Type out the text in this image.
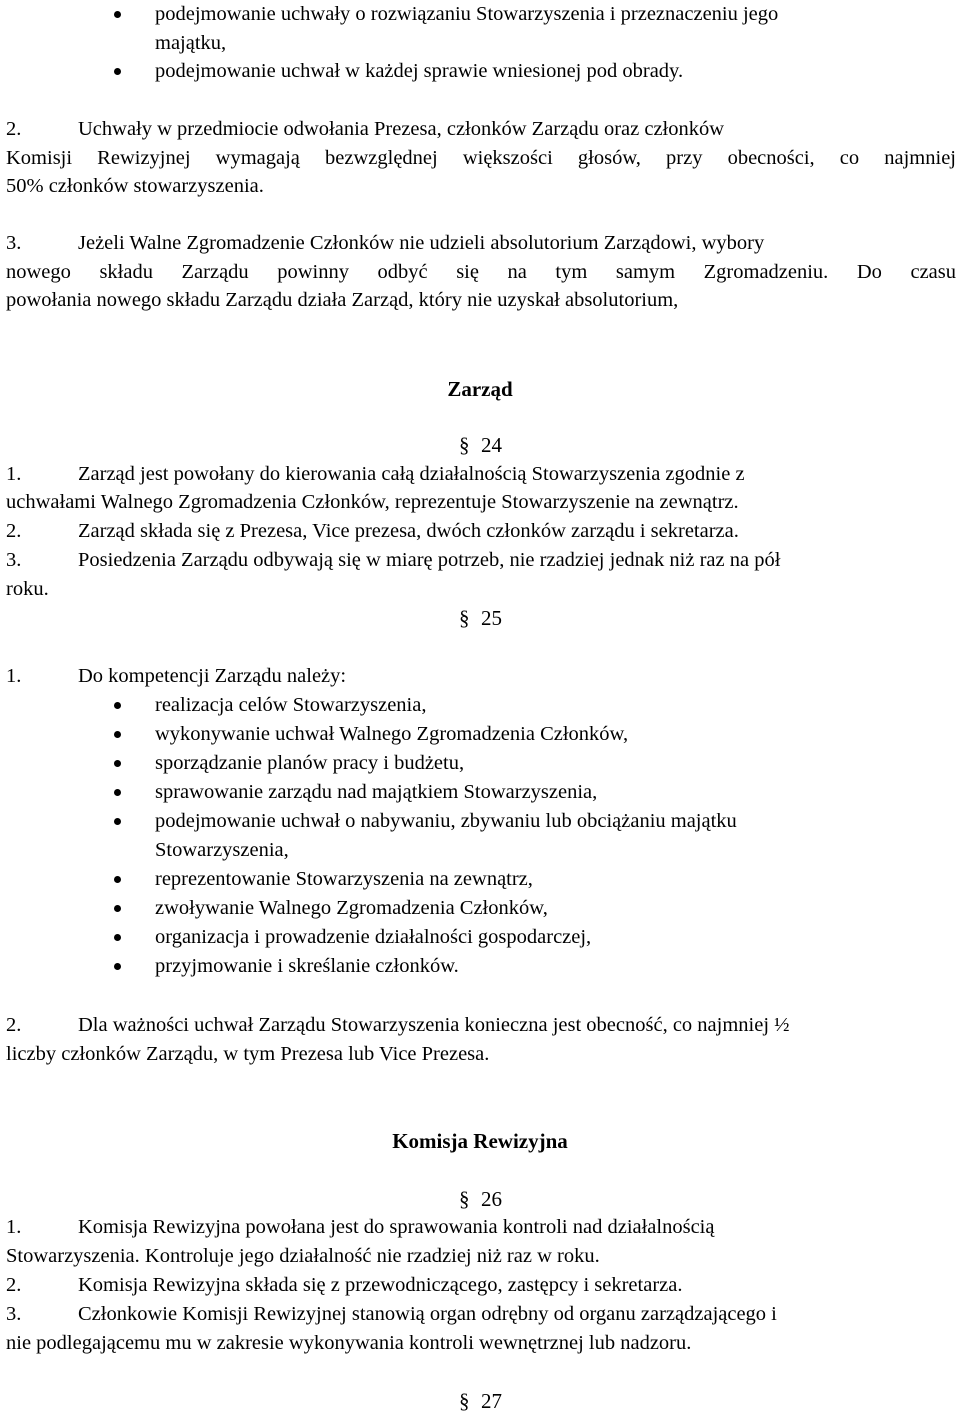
podejmowanie uchwały o rozwiązaniu Stowarzyszenia i przeznaczeniu jego
majątku,
podejmowanie uchwał w każdej sprawie wniesionej pod obrady.
2.	Uchwały w przedmiocie odwołania Prezesa, członków Zarządu oraz członków
Komisji Rewizyjnej wymagają bezwzględnej większości głosów, przy obecności, co najmniej
50% członków stowarzyszenia.
3.	Jeżeli Walne Zgromadzenie Członków nie udzieli absolutorium Zarządowi, wybory
nowego składu Zarządu powinny odbyć się na tym samym Zgromadzeniu. Do czasu
powołania nowego składu Zarządu działa Zarząd, który nie uzyskał absolutorium,
Zarząd
§ 24
1.	Zarząd jest powołany do kierowania całą działalnością Stowarzyszenia zgodnie z
uchwałami Walnego Zgromadzenia Członków, reprezentuje Stowarzyszenie na zewnątrz.
2.	Zarząd składa się z Prezesa, Vice prezesa, dwóch członków zarządu i sekretarza.
3.	Posiedzenia Zarządu odbywają się w miarę potrzeb, nie rzadziej jednak niż raz na pół
roku.
§ 25
1.	Do kompetencji Zarządu należy:
realizacja celów Stowarzyszenia,
wykonywanie uchwał Walnego Zgromadzenia Członków,
sporządzanie planów pracy i budżetu,
sprawowanie zarządu nad majątkiem Stowarzyszenia,
podejmowanie uchwał o nabywaniu, zbywaniu lub obciążaniu majątku
Stowarzyszenia,
reprezentowanie Stowarzyszenia na zewnątrz,
zwoływanie Walnego Zgromadzenia Członków,
organizacja i prowadzenie działalności gospodarczej,
przyjmowanie i skreślanie członków.
2.	Dla ważności uchwał Zarządu Stowarzyszenia konieczna jest obecność, co najmniej ½
liczby członków Zarządu, w tym Prezesa lub Vice Prezesa.
Komisja Rewizyjna
§ 26
1.	Komisja Rewizyjna powołana jest do sprawowania kontroli nad działalnością
Stowarzyszenia. Kontroluje jego działalność nie rzadziej niż raz w roku.
2.	Komisja Rewizyjna składa się z przewodniczącego, zastępcy i sekretarza.
3.	Członkowie Komisji Rewizyjnej stanowią organ odrębny od organu zarządzającego i
nie podlegającemu mu w zakresie wykonywania kontroli wewnętrznej lub nadzoru.
§ 27
